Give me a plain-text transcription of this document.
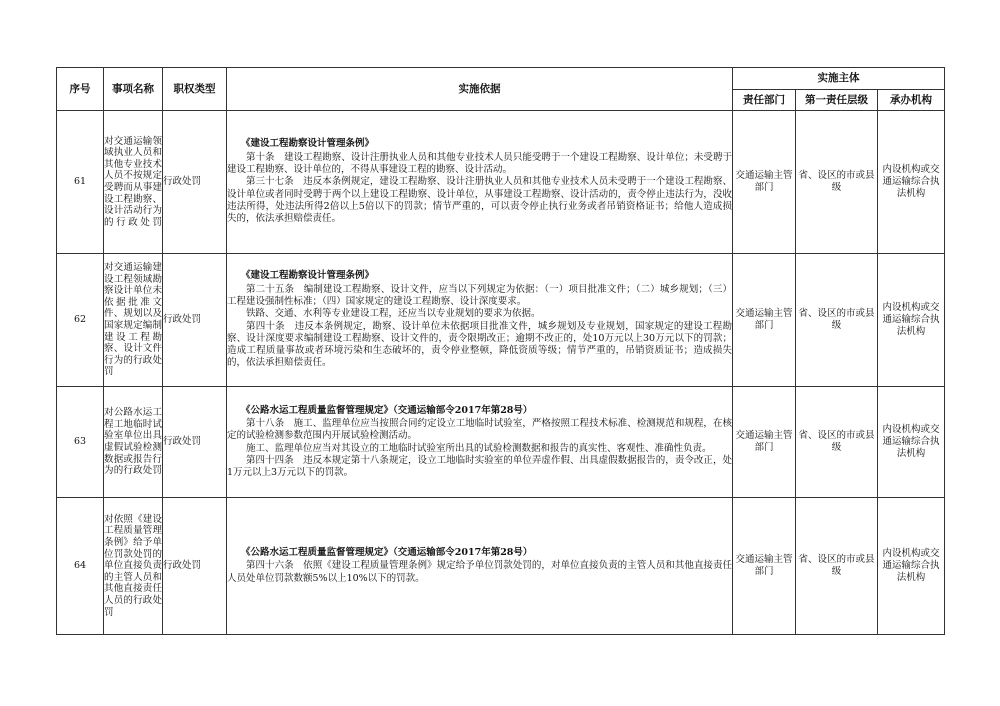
序号	事项名称	职权类型	实施依据	实施主体		
				责任部门	第一责任层级	承办机构
61	对交通运输领域执业人员和其他专业技术人员不按规定受聘而从事建设工程勘察、设计活动行为的行政处罚	行政处罚	《建设工程勘察设计管理条例》
第十条　建设工程勘察、设计注册执业人员和其他专业技术人员只能受聘于一个建设工程勘察、设计单位；未受聘于建设工程勘察、设计单位的，不得从事建设工程的勘察、设计活动。
第三十七条　违反本条例规定，建设工程勘察、设计注册执业人员和其他专业技术人员未受聘于一个建设工程勘察、设计单位或者同时受聘于两个以上建设工程勘察、设计单位，从事建设工程勘察、设计活动的，责令停止违法行为，没收违法所得，处违法所得2倍以上5倍以下的罚款；情节严重的，可以责令停止执行业务或者吊销资格证书；给他人造成损失的，依法承担赔偿责任。	交通运输主管部门	省、设区的市或县级	内设机构或交通运输综合执法机构
62	对交通运输建设工程领域勘察设计单位未依据批准文件、规划以及国家规定编制建设工程勘察、设计文件行为的行政处罚	行政处罚	《建设工程勘察设计管理条例》
第二十五条　编制建设工程勘察、设计文件，应当以下列规定为依据：（一）项目批准文件；（二）城乡规划；（三）工程建设强制性标准；（四）国家规定的建设工程勘察、设计深度要求。
铁路、交通、水利等专业建设工程，还应当以专业规划的要求为依据。
第四十条　违反本条例规定，勘察、设计单位未依据项目批准文件，城乡规划及专业规划，国家规定的建设工程勘察、设计深度要求编制建设工程勘察、设计文件的，责令限期改正；逾期不改正的，处10万元以上30万元以下的罚款；造成工程质量事故或者环境污染和生态破坏的，责令停业整顿，降低资质等级；情节严重的，吊销资质证书；造成损失的，依法承担赔偿责任。	交通运输主管部门	省、设区的市或县级	内设机构或交通运输综合执法机构
63	对公路水运工程工地临时试验室单位出具虚假试验检测数据或报告行为的行政处罚	行政处罚	《公路水运工程质量监督管理规定》（交通运输部令2017年第28号）
第十八条　施工、监理单位应当按照合同约定设立工地临时试验室，严格按照工程技术标准、检测规范和规程，在核定的试验检测参数范围内开展试验检测活动。
施工、监理单位应当对其设立的工地临时试验室所出具的试验检测数据和报告的真实性、客观性、准确性负责。
第四十四条　违反本规定第十八条规定，设立工地临时实验室的单位弄虚作假、出具虚假数据报告的，责令改正，处1万元以上3万元以下的罚款。	交通运输主管部门	省、设区的市或县级	内设机构或交通运输综合执法机构
64	对依照《建设工程质量管理条例》给予单位罚款处罚的单位直接负责的主管人员和其他直接责任人员的行政处罚	行政处罚	《公路水运工程质量监督管理规定》（交通运输部令2017年第28号）
第四十六条　依照《建设工程质量管理条例》规定给予单位罚款处罚的，对单位直接负责的主管人员和其他直接责任人员处单位罚款数额5%以上10%以下的罚款。	交通运输主管部门	省、设区的市或县级	内设机构或交通运输综合执法机构
